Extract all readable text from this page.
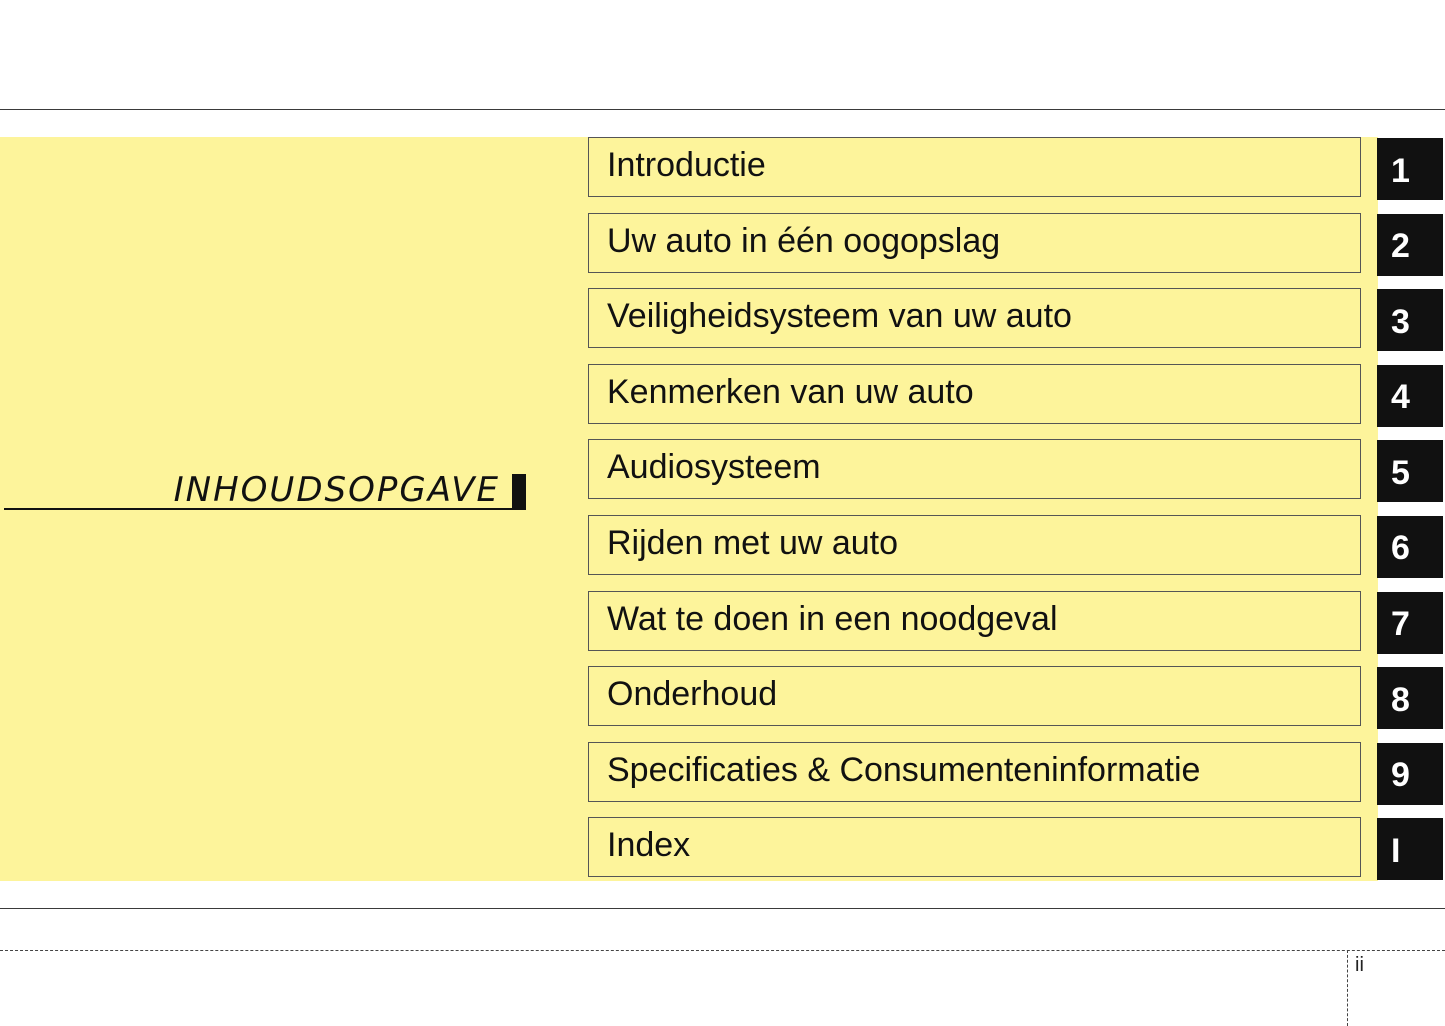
INHOUDSOPGAVE
Introductie	1
Uw auto in één oogopslag	2
Veiligheidsysteem van uw auto	3
Kenmerken van uw auto	4
Audiosysteem	5
Rijden met uw auto	6
Wat te doen in een noodgeval	7
Onderhoud	8
Specificaties & Consumenteninformatie	9
Index	I
ii
